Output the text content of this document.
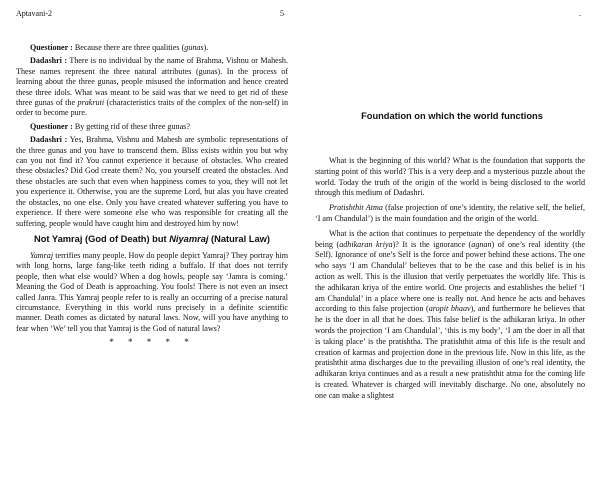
Aptavani-2	5

Questioner : Because there are three qualities (gunas).

Dadashri : There is no individual by the name of Brahma, Vishnu or Mahesh. These names represent the three natural attributes (gunas). In the process of learning about the three gunas, people misused the information and hence created these three idols. What was meant to be said was that we need to get rid of these three gunas of the prakruti (characteristics traits of the complex of the non-self) in order to become pure.

Questioner : By getting rid of these three gunas?

Dadashri : Yes, Brahma, Vishnu and Mahesh are symbolic representations of the three gunas and you have to transcend them. Bliss exists within you but why can you not find it? You cannot experience it because of obstacles. Who created these obstacles? Did God create them? No, you yourself created the obstacles. And these obstacles are such that even when happiness comes to you, they will not let you experience it. Otherwise, you are the supreme Lord, but alas you have created the obstacles, no one else. Only you have created whatever suffering you have to experience. If there were someone else who was responsible for creating all the suffering, people would have caught him and destroyed him by now!

Not Yamraj (God of Death) but Niyamraj (Natural Law)

Yamraj terrifies many people. How do people depict Yamraj? They portray him with long horns, large fang-like teeth riding a buffalo. If that does not terrify people, then what else would? When a dog howls, people say ‘Jamra is coming.’ Meaning the God of Death is approaching. You fools! There is not even an insect called Janra. This Yamraj people refer to is really an occurring of a precise natural circumstance. Everything in this world runs precisely in a definite scientific manner. Death comes as dictated by natural laws. Now, will you have anything to fear when ‘We’ tell you that Yamraj is the God of natural laws?

* * * * *
.
Foundation on which the world functions

What is the beginning of this world? What is the foundation that supports the starting point of this world? This is a very deep and a mysterious puzzle about the world. Today the truth of the origin of the world is being disclosed to the world through this medium of Dadashri.

Pratishthit Atma (false projection of one’s identity, the relative self, the belief, ‘I am Chandulal’) is the main foundation and the origin of the world.

What is the action that continues to perpetuate the dependency of the worldly being (adhikaran kriya)? It is the ignorance (agnan) of one’s real identity (the Self). Ignorance of one’s Self is the force and power behind these actions. The one who says ‘I am Chandulal’ believes that to be the case and this belief is in his action as well. This is the illusion that verily perpetuates the worldly life. This is the adhikaran kriya of the entire world. One projects and establishes the belief ‘I am Chandulal’ in a place where one is really not. And hence he acts and behaves according to this false projection (aropit bhaav), and furthermore he believes that he is the doer in all that he does. This false belief is the adhikaran kriya. In other words the projection ‘I am Chandulal’, ‘this is my body’, ‘I am the doer in all that is taking place’ is the pratishtha. The pratishthit atma of this life is the result and creation of karmas and projection done in the previous life. Now in this life, as the pratishthit atma discharges due to the prevailing illusion of one’s real identity, the adhikaran kriya continues and as a result a new pratishthit atma for the coming life is created. Whatever is charged will inevitably discharge. No one, absolutely no one can make a slightest
